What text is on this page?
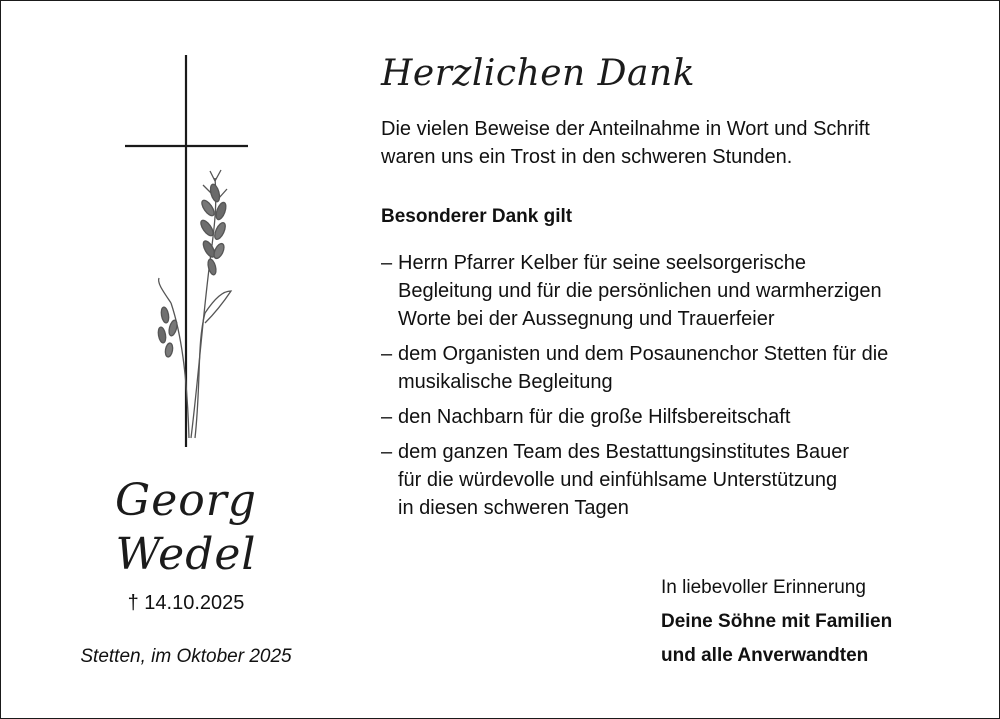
Georg
Wedel
† 14.10.2025
Stetten, im Oktober 2025
Herzlichen Dank
Die vielen Beweise der Anteilnahme in Wort und Schrift
waren uns ein Trost in den schweren Stunden.
Besonderer Dank gilt
– Herrn Pfarrer Kelber für seine seelsorgerische
Begleitung und für die persönlichen und warmherzigen
Worte bei der Aussegnung und Trauerfeier
– dem Organisten und dem Posaunenchor Stetten für die
musikalische Begleitung
– den Nachbarn für die große Hilfsbereitschaft
– dem ganzen Team des Bestattungsinstitutes Bauer
für die würdevolle und einfühlsame Unterstützung
in diesen schweren Tagen
In liebevoller Erinnerung
Deine Söhne mit Familien
und alle Anverwandten
